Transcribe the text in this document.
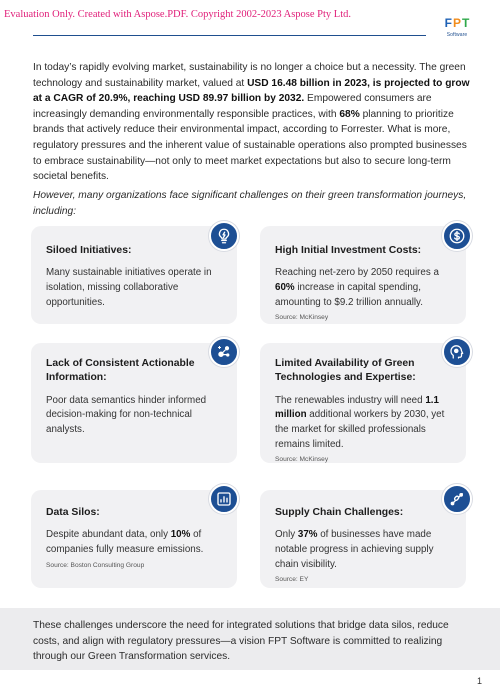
Evaluation Only. Created with Aspose.PDF. Copyright 2002-2023 Aspose Pty Ltd.
F P T
Software

In today’s rapidly evolving market, sustainability is no longer a choice but a necessity. The green technology and sustainability market, valued at USD 16.48 billion in 2023, is projected to grow at a CAGR of 20.9%, reaching USD 89.97 billion by 2032. Empowered consumers are increasingly demanding environmentally responsible practices, with 68% planning to prioritize brands that actively reduce their environmental impact, according to Forrester. What is more, regulatory pressures and the inherent value of sustainable operations also prompted businesses to embrace sustainability—not only to meet market expectations but also to secure long-term societal benefits.

However, many organizations face significant challenges on their green transformation journeys, including:

Siloed Initiatives:
Many sustainable initiatives operate in isolation, missing collaborative opportunities.
High Initial Investment Costs:
Reaching net-zero by 2050 requires a 60% increase in capital spending, amounting to $9.2 trillion annually.
Source: McKinsey
Lack of Consistent Actionable Information:
Poor data semantics hinder informed decision-making for non-technical analysts.
Limited Availability of Green Technologies and Expertise:
The renewables industry will need 1.1 million additional workers by 2030, yet the market for skilled professionals remains limited.
Source: McKinsey
Data Silos:
Despite abundant data, only 10% of companies fully measure emissions.
Source: Boston Consulting Group
Supply Chain Challenges:
Only 37% of businesses have made notable progress in achieving supply chain visibility.
Source: EY

These challenges underscore the need for integrated solutions that bridge data silos, reduce costs, and align with regulatory pressures—a vision FPT Software is committed to realizing through our Green Transformation services.

1
